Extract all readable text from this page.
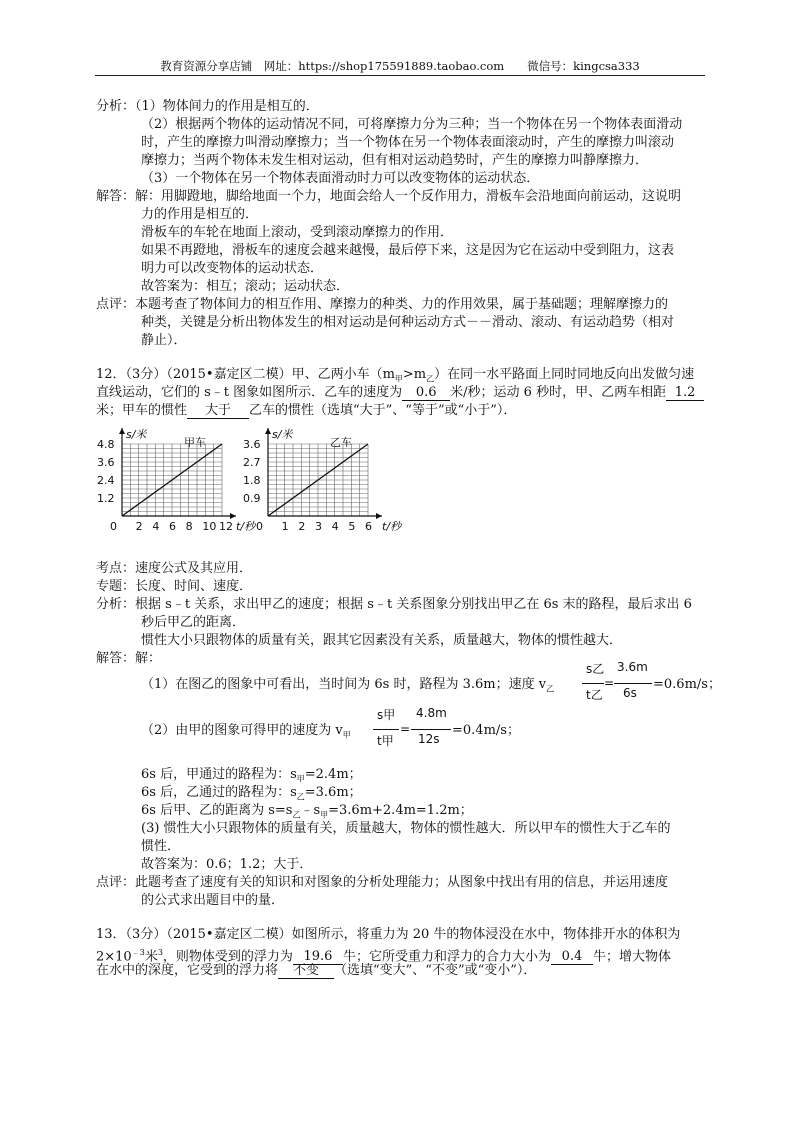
教育资源分享店铺　网址：https://shop175591889.taobao.com　　微信号：kingcsa333
分析：（1）物体间力的作用是相互的．
（2）根据两个物体的运动情况不同，可将摩擦力分为三种；当一个物体在另一个物体表面滑动
时，产生的摩擦力叫滑动摩擦力；当一个物体在另一个物体表面滚动时，产生的摩擦力叫滚动
摩擦力；当两个物体未发生相对运动，但有相对运动趋势时，产生的摩擦力叫静摩擦力．
（3）一个物体在另一个物体表面滑动时力可以改变物体的运动状态．
解答：解：用脚蹬地，脚给地面一个力，地面会给人一个反作用力，滑板车会沿地面向前运动，这说明
力的作用是相互的．
滑板车的车轮在地面上滚动，受到滚动摩擦力的作用．
如果不再蹬地，滑板车的速度会越来越慢，最后停下来，这是因为它在运动中受到阻力，这表
明力可以改变物体的运动状态．
故答案为：相互；滚动；运动状态．
点评：本题考查了物体间力的相互作用、摩擦力的种类、力的作用效果，属于基础题；理解摩擦力的
种类，关键是分析出物体发生的相对运动是何种运动方式－－滑动、滚动、有运动趋势（相对
静止）．
12．（3分）（2015•嘉定区二模）甲、乙两小车$(m_甲>m_乙)$在同一水平路面上同时同地反向出发做匀速
直线运动，它们的 s﹣t 图象如图所示．乙车的速度为 0.6 米/秒；运动 6 秒时，甲、乙两车相距 1.2
米；甲车的惯性 大于 乙车的惯性（选填“大于”、“等于”或“小于”）．
0 2 4 6 8 10 12
1.2
2.4
3.6
4.8
s/米
t/秒
甲车
0 1 2 3 4 5 6
0.9
1.8
2.7
3.6
s/米
t/秒
乙车
考点：速度公式及其应用．
专题：长度、时间、速度．
分析：根据 s﹣t 关系，求出甲乙的速度；根据 s﹣t 关系图象分别找出甲乙在 6s 末的路程，最后求出 6
秒后甲乙的距离．
惯性大小只跟物体的质量有关，跟其它因素没有关系，质量越大，物体的惯性越大．
解答：解：
（1）在图乙的图象中可看出，当时间为 6s 时，路程为 3.6m；速度 $v_乙$
s乙
t乙
=
3.6m
6s
=0.6m/s；
（2）由甲的图象可得甲的速度为 $v_甲$
s甲
t甲
=
4.8m
12s
=0.4m/s；
6s 后，甲通过的路程为：$s_甲=2.4m$；
6s 后，乙通过的路程为：$s_乙=3.6m$；
6s 后甲、乙的距离为 $s=s_乙﹣s_甲=3.6m+2.4m=1.2m$；
(3) 惯性大小只跟物体的质量有关，质量越大，物体的惯性越大．所以甲车的惯性大于乙车的
惯性．
故答案为：0.6；1.2；大于．
点评：此题考查了速度有关的知识和对图象的分析处理能力；从图象中找出有用的信息，并运用速度
的公式求出题目中的量．
13．（3分）（2015•嘉定区二模）如图所示，将重力为 20 牛的物体浸没在水中，物体排开水的体积为
$2\times 10^{﹣3}$米$^3$，则物体受到的浮力为 19.6 牛；它所受重力和浮力的合力大小为 0.4 牛；增大物体
在水中的深度，它受到的浮力将 不变 （选填“变大”、“不变”或“变小”）．
